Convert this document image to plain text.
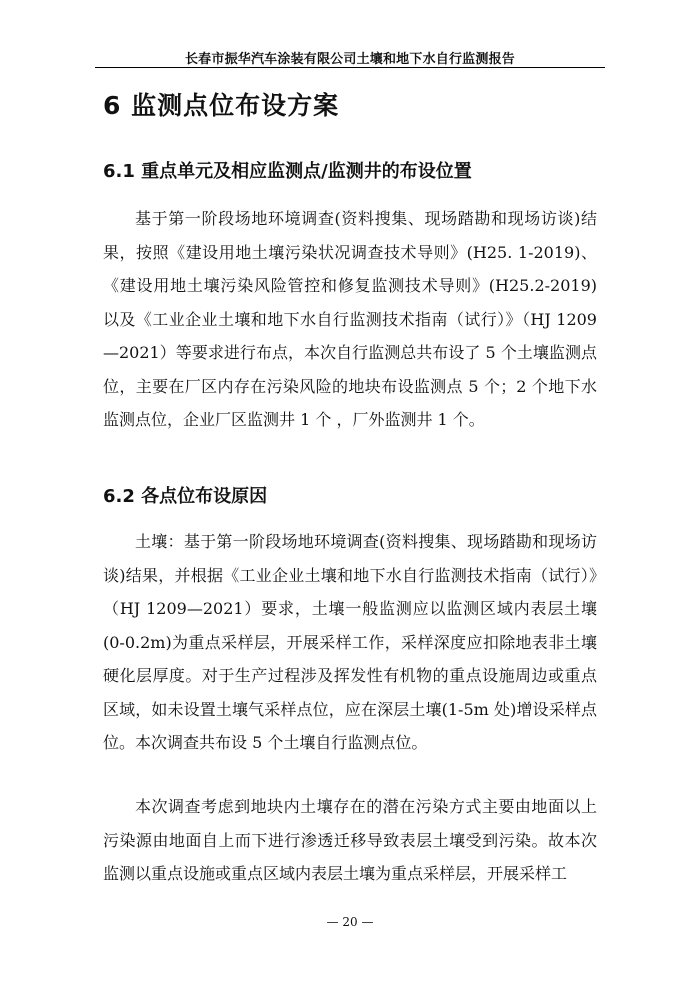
长春市振华汽车涂装有限公司土壤和地下水自行监测报告
6 监测点位布设方案
6.1 重点单元及相应监测点/监测井的布设位置

基于第一阶段场地环境调查(资料搜集、现场踏勘和现场访谈)结果，按照《建设用地土壤污染状况调查技术导则》(H25. 1-2019)、《建设用地土壤污染风险管控和修复监测技术导则》(H25.2-2019) 以及《工业企业土壤和地下水自行监测技术指南（试行）》（HJ 1209—2021）等要求进行布点，本次自行监测总共布设了 5 个土壤监测点位，主要在厂区内存在污染风险的地块布设监测点 5 个；2 个地下水监测点位，企业厂区监测井 1 个 ，厂外监测井 1 个。

6.2 各点位布设原因

土壤：基于第一阶段场地环境调查(资料搜集、现场踏勘和现场访谈)结果，并根据《工业企业土壤和地下水自行监测技术指南（试行）》（HJ 1209—2021）要求，土壤一般监测应以监测区域内表层土壤(0-0.2m)为重点采样层，开展采样工作，采样深度应扣除地表非土壤硬化层厚度。对于生产过程涉及挥发性有机物的重点设施周边或重点区域，如未设置土壤气采样点位，应在深层土壤(1-5m 处)增设采样点位。本次调查共布设 5 个土壤自行监测点位。

本次调查考虑到地块内土壤存在的潜在污染方式主要由地面以上污染源由地面自上而下进行渗透迁移导致表层土壤受到污染。故本次监测以重点设施或重点区域内表层土壤为重点采样层，开展采样工

— 20 —
